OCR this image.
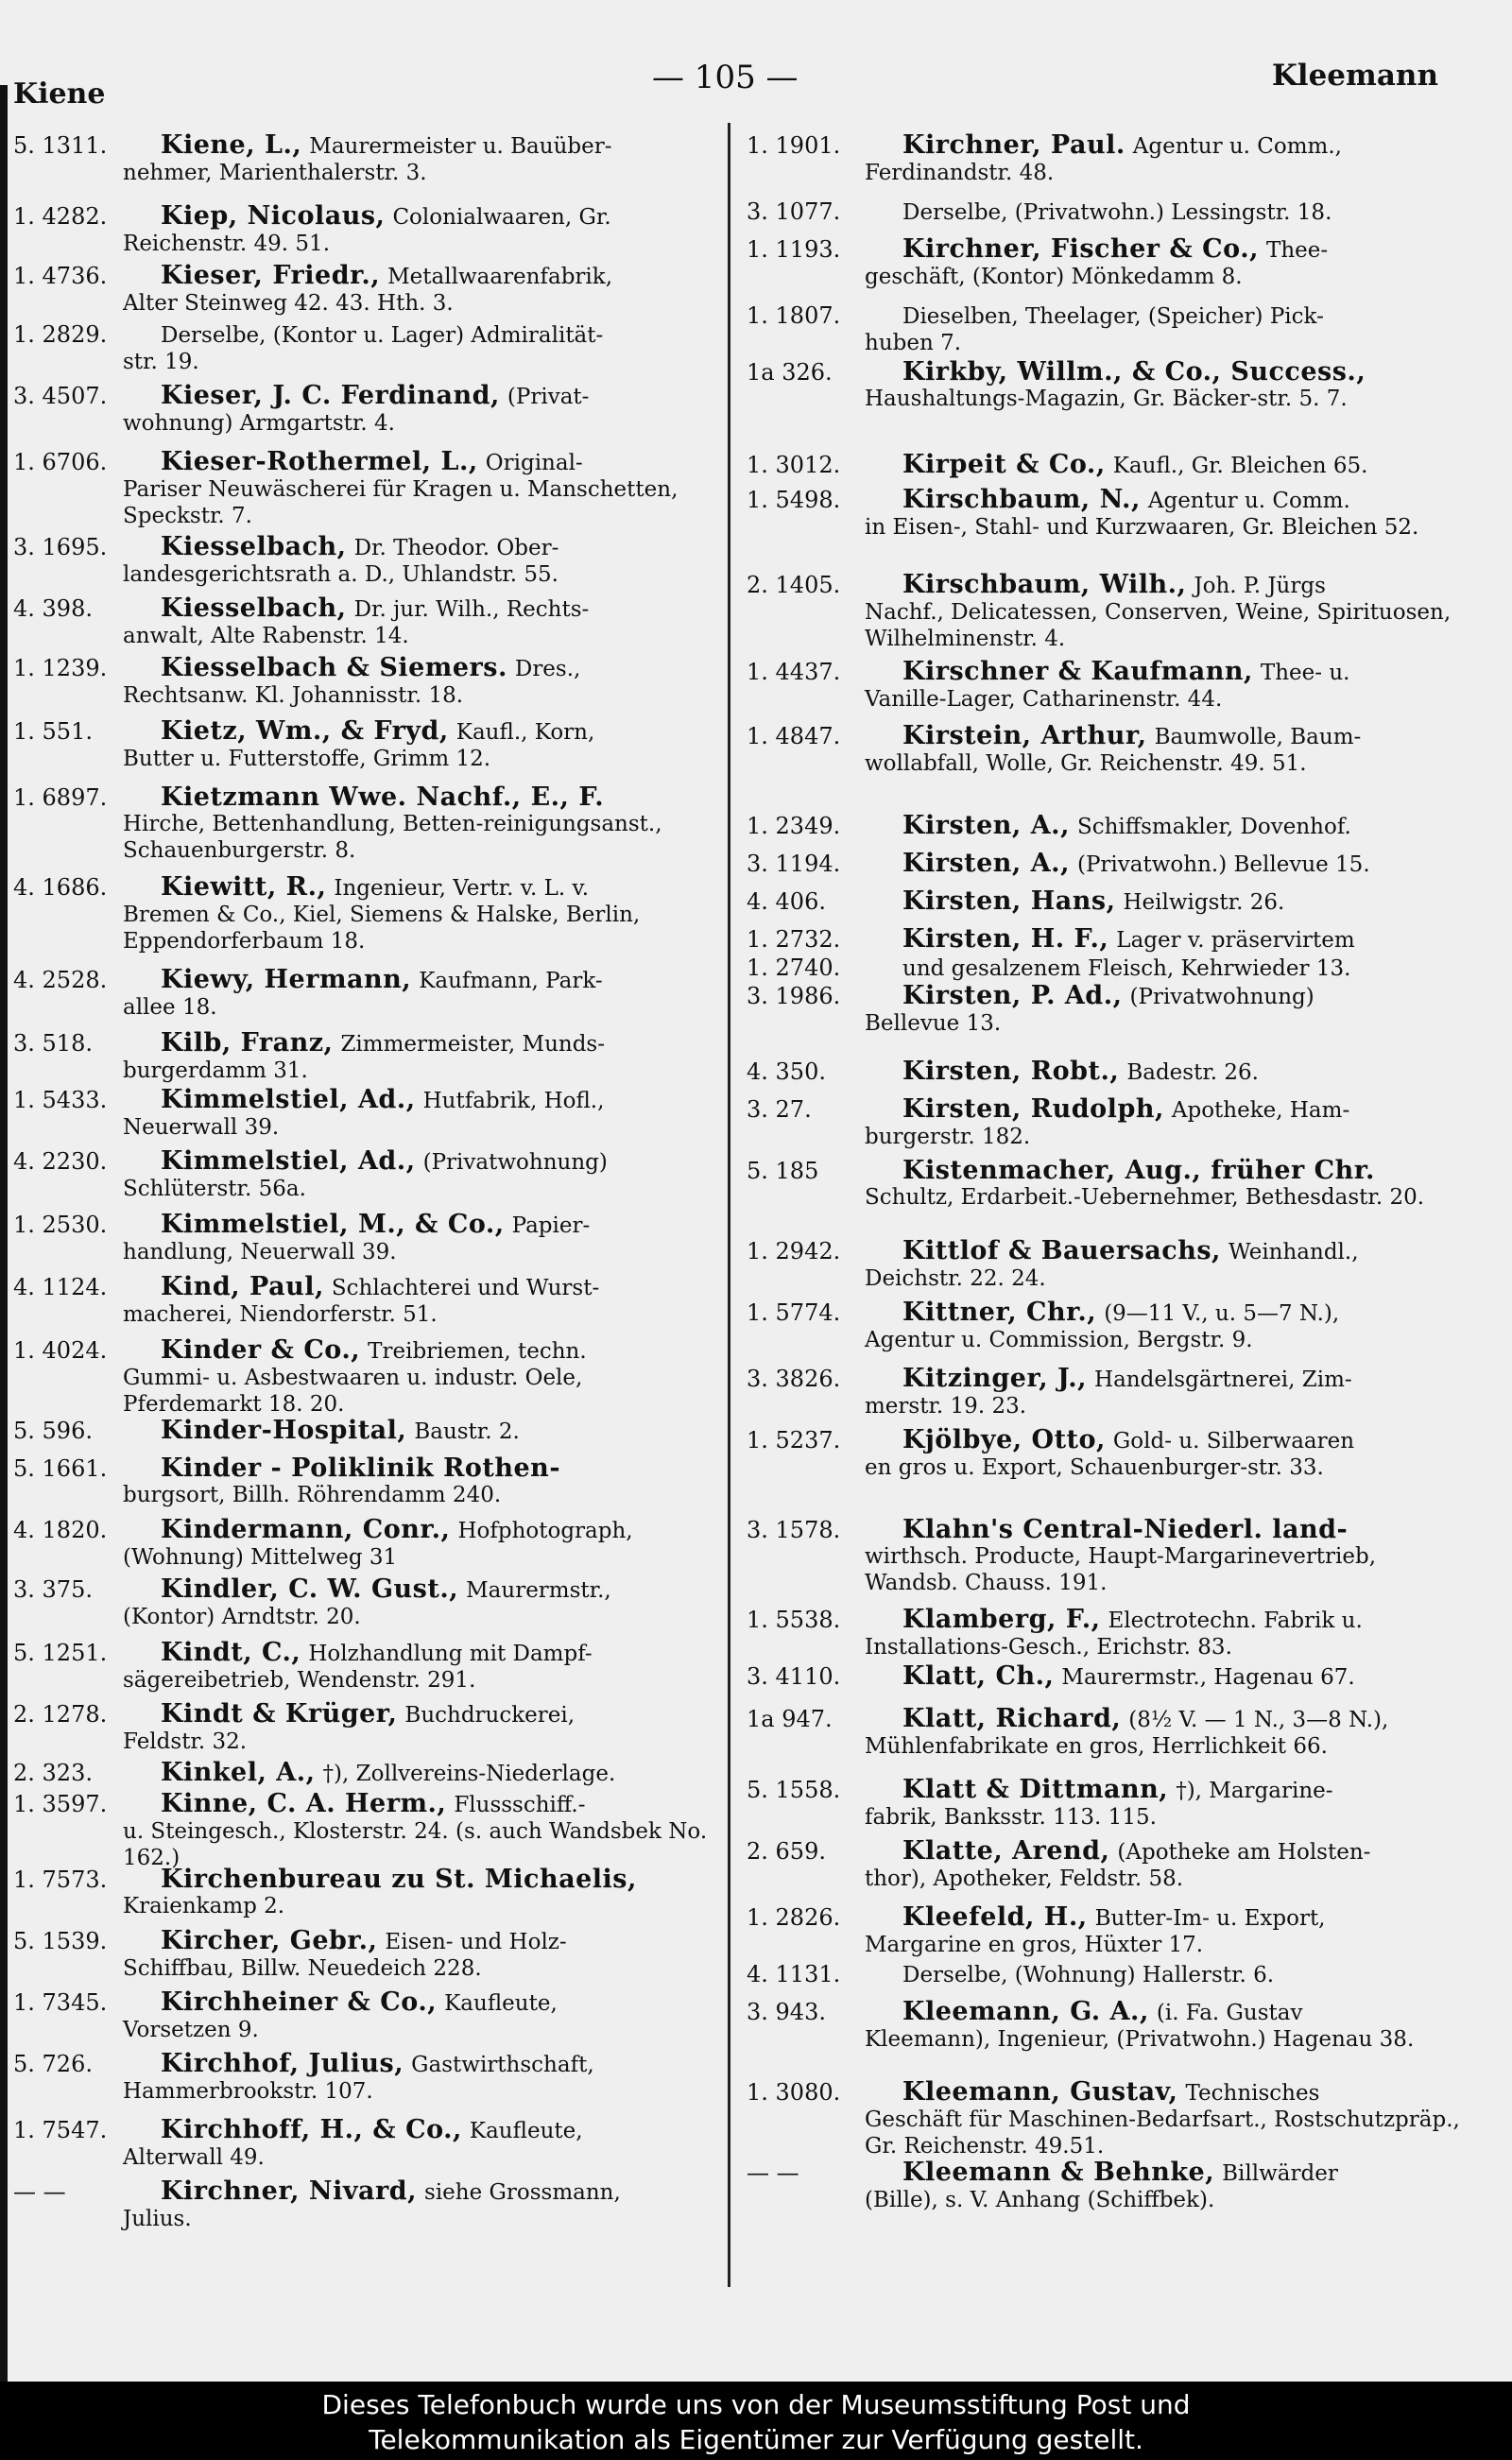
Kiene	— 105 —	Kleemann
5. 1311.	Kiene, L., Maurermeister u. Bauüber-
nehmer, Marienthalerstr. 3.
1. 4282.	Kiep, Nicolaus, Colonialwaaren, Gr.
Reichenstr. 49. 51.
1. 4736.	Kieser, Friedr., Metallwaarenfabrik,
Alter Steinweg 42. 43. Hth. 3.
1. 2829.	Derselbe, (Kontor u. Lager) Admiralität-
str. 19.
3. 4507.	Kieser, J. C. Ferdinand, (Privat-
wohnung) Armgartstr. 4.
1. 6706.	Kieser-Rothermel, L., Original-
Pariser Neuwäscherei für Kragen u. Manschetten, Speckstr. 7.
3. 1695.	Kiesselbach, Dr. Theodor. Ober-
landesgerichtsrath a. D., Uhlandstr. 55.
4. 398.	Kiesselbach, Dr. jur. Wilh., Rechts-
anwalt, Alte Rabenstr. 14.
1. 1239.	Kiesselbach & Siemers. Dres.,
Rechtsanw. Kl. Johannisstr. 18.
1. 551.	Kietz, Wm., & Fryd, Kaufl., Korn,
Butter u. Futterstoffe, Grimm 12.
1. 6897.	Kietzmann Wwe. Nachf., E., F.
Hirche, Bettenhandlung, Betten-reinigungsanst., Schauenburgerstr. 8.
4. 1686.	Kiewitt, R., Ingenieur, Vertr. v. L. v.
Bremen & Co., Kiel, Siemens & Halske, Berlin, Eppendorferbaum 18.
4. 2528.	Kiewy, Hermann, Kaufmann, Park-
allee 18.
3. 518.	Kilb, Franz, Zimmermeister, Munds-
burgerdamm 31.
1. 5433.	Kimmelstiel, Ad., Hutfabrik, Hofl.,
Neuerwall 39.
4. 2230.	Kimmelstiel, Ad., (Privatwohnung)
Schlüterstr. 56a.
1. 2530.	Kimmelstiel, M., & Co., Papier-
handlung, Neuerwall 39.
4. 1124.	Kind, Paul, Schlachterei und Wurst-
macherei, Niendorferstr. 51.
1. 4024.	Kinder & Co., Treibriemen, techn.
Gummi- u. Asbestwaaren u. industr. Oele, Pferdemarkt 18. 20.
5. 596.	Kinder-Hospital, Baustr. 2.
5. 1661.	Kinder - Poliklinik Rothen-
burgsort, Billh. Röhrendamm 240.
4. 1820.	Kindermann, Conr., Hofphotograph,
(Wohnung) Mittelweg 31
3. 375.	Kindler, C. W. Gust., Maurermstr.,
(Kontor) Arndtstr. 20.
5. 1251.	Kindt, C., Holzhandlung mit Dampf-
sägereibetrieb, Wendenstr. 291.
2. 1278.	Kindt & Krüger, Buchdruckerei,
Feldstr. 32.
2. 323.	Kinkel, A., †), Zollvereins-Niederlage.
1. 3597.	Kinne, C. A. Herm., Flussschiff.-
u. Steingesch., Klosterstr. 24. (s. auch Wandsbek No. 162.)
1. 7573.	Kirchenbureau zu St. Michaelis,
Kraienkamp 2.
5. 1539.	Kircher, Gebr., Eisen- und Holz-
Schiffbau, Billw. Neuedeich 228.
1. 7345.	Kirchheiner & Co., Kaufleute,
Vorsetzen 9.
5. 726.	Kirchhof, Julius, Gastwirthschaft,
Hammerbrookstr. 107.
1. 7547.	Kirchhoff, H., & Co., Kaufleute,
Alterwall 49.
— —	Kirchner, Nivard, siehe Grossmann,
Julius.
1. 1901.	Kirchner, Paul. Agentur u. Comm.,
Ferdinandstr. 48.
3. 1077.	Derselbe, (Privatwohn.) Lessingstr. 18.
1. 1193.	Kirchner, Fischer & Co., Thee-
geschäft, (Kontor) Mönkedamm 8.
1. 1807.	Dieselben, Theelager, (Speicher) Pick-
huben 7.
1a 326.	Kirkby, Willm., & Co., Success.,
Haushaltungs-Magazin, Gr. Bäcker-str. 5. 7.
1. 3012.	Kirpeit & Co., Kaufl., Gr. Bleichen 65.
1. 5498.	Kirschbaum, N., Agentur u. Comm.
in Eisen-, Stahl- und Kurzwaaren, Gr. Bleichen 52.
2. 1405.	Kirschbaum, Wilh., Joh. P. Jürgs
Nachf., Delicatessen, Conserven, Weine, Spirituosen, Wilhelminenstr. 4.
1. 4437.	Kirschner & Kaufmann, Thee- u.
Vanille-Lager, Catharinenstr. 44.
1. 4847.	Kirstein, Arthur, Baumwolle, Baum-
wollabfall, Wolle, Gr. Reichenstr. 49. 51.
1. 2349.	Kirsten, A., Schiffsmakler, Dovenhof.
3. 1194.	Kirsten, A., (Privatwohn.) Bellevue 15.
4. 406.	Kirsten, Hans, Heilwigstr. 26.
1. 2732.	Kirsten, H. F., Lager v. präservirtem
1. 2740.	und gesalzenem Fleisch, Kehrwieder 13.
3. 1986.	Kirsten, P. Ad., (Privatwohnung)
Bellevue 13.
4. 350.	Kirsten, Robt., Badestr. 26.
3. 27.	Kirsten, Rudolph, Apotheke, Ham-
burgerstr. 182.
5. 185	Kistenmacher, Aug., früher Chr.
Schultz, Erdarbeit.-Uebernehmer, Bethesdastr. 20.
1. 2942.	Kittlof & Bauersachs, Weinhandl.,
Deichstr. 22. 24.
1. 5774.	Kittner, Chr., (9—11 V., u. 5—7 N.),
Agentur u. Commission, Bergstr. 9.
3. 3826.	Kitzinger, J., Handelsgärtnerei, Zim-
merstr. 19. 23.
1. 5237.	Kjölbye, Otto, Gold- u. Silberwaaren
en gros u. Export, Schauenburger-str. 33.
3. 1578.	Klahn's Central-Niederl. land-
wirthsch. Producte, Haupt-Margarinevertrieb, Wandsb. Chauss. 191.
1. 5538.	Klamberg, F., Electrotechn. Fabrik u.
Installations-Gesch., Erichstr. 83.
3. 4110.	Klatt, Ch., Maurermstr., Hagenau 67.
1a 947.	Klatt, Richard, (8½ V. — 1 N., 3—8 N.),
Mühlenfabrikate en gros, Herrlichkeit 66.
5. 1558.	Klatt & Dittmann, †), Margarine-
fabrik, Banksstr. 113. 115.
2. 659.	Klatte, Arend, (Apotheke am Holsten-
thor), Apotheker, Feldstr. 58.
1. 2826.	Kleefeld, H., Butter-Im- u. Export,
Margarine en gros, Hüxter 17.
4. 1131.	Derselbe, (Wohnung) Hallerstr. 6.
3. 943.	Kleemann, G. A., (i. Fa. Gustav
Kleemann), Ingenieur, (Privatwohn.) Hagenau 38.
1. 3080.	Kleemann, Gustav, Technisches
Geschäft für Maschinen-Bedarfsart., Rostschutzpräp., Gr. Reichenstr. 49.51.
— —	Kleemann & Behnke, Billwärder
(Bille), s. V. Anhang (Schiffbek).
Dieses Telefonbuch wurde uns von der Museumsstiftung Post und
Telekommunikation als Eigentümer zur Verfügung gestellt.
